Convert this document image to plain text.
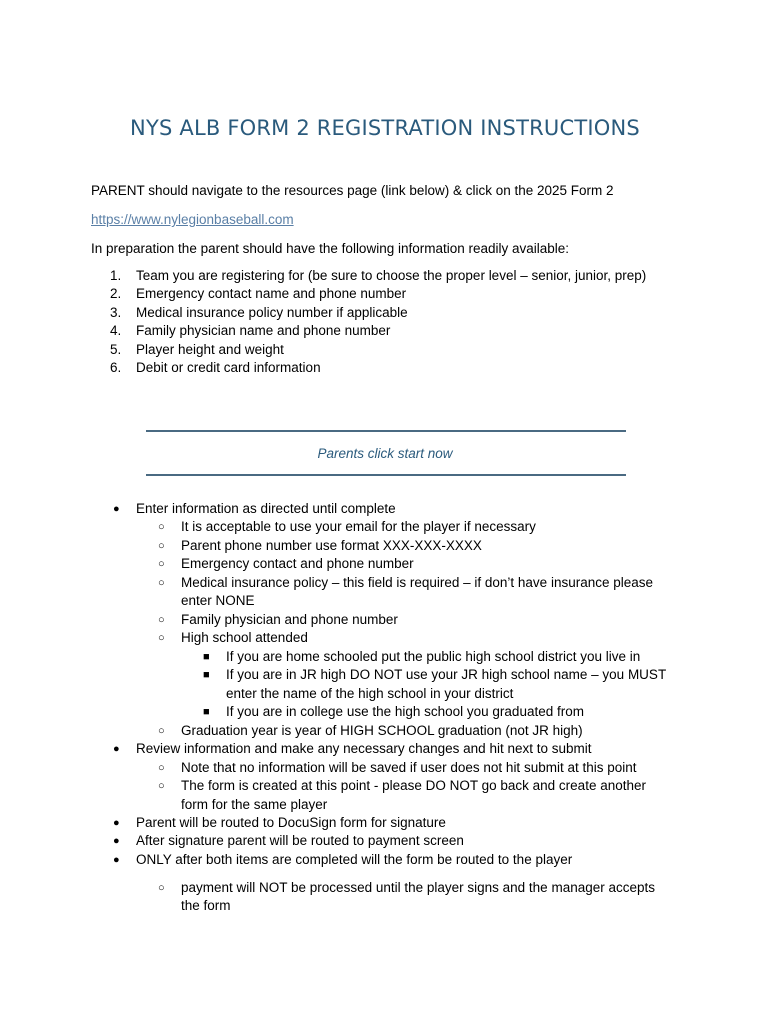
NYS ALB FORM 2 REGISTRATION INSTRUCTIONS
PARENT should navigate to the resources page (link below) & click on the 2025 Form 2
https://www.nylegionbaseball.com
In preparation the parent should have the following information readily available:
1.	Team you are registering for (be sure to choose the proper level – senior, junior, prep)
2.	Emergency contact name and phone number
3.	Medical insurance policy number if applicable
4.	Family physician name and phone number
5.	Player height and weight
6.	Debit or credit card information
Parents click start now
● Enter information as directed until complete
○ It is acceptable to use your email for the player if necessary
○ Parent phone number use format XXX-XXX-XXXX
○ Emergency contact and phone number
○ Medical insurance policy – this field is required – if don’t have insurance please
enter NONE
○ Family physician and phone number
○ High school attended
■ If you are home schooled put the public high school district you live in
■ If you are in JR high DO NOT use your JR high school name – you MUST
enter the name of the high school in your district
■ If you are in college use the high school you graduated from
○ Graduation year is year of HIGH SCHOOL graduation (not JR high)
● Review information and make any necessary changes and hit next to submit
○ Note that no information will be saved if user does not hit submit at this point
○ The form is created at this point - please DO NOT go back and create another
form for the same player
● Parent will be routed to DocuSign form for signature
● After signature parent will be routed to payment screen
● ONLY after both items are completed will the form be routed to the player
○ payment will NOT be processed until the player signs and the manager accepts
the form
